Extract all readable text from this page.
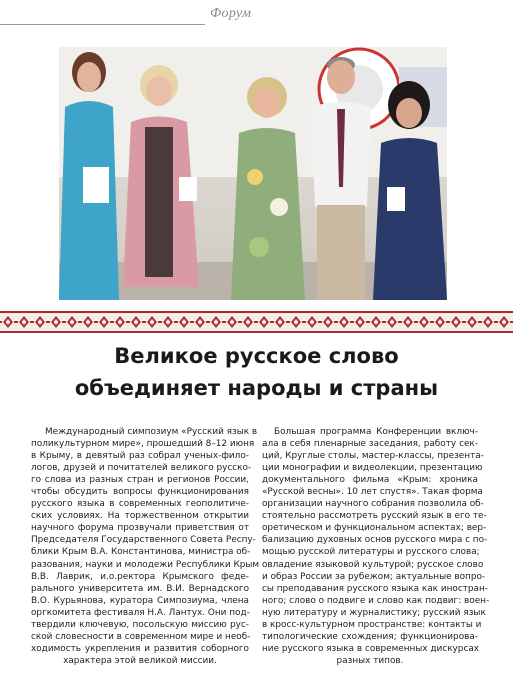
Форум
Великое русское слово
объединяет народы и страны
Международный симпозиум «Русский язык в
поликультурном мире», прошедший 8–12 июня
в Крыму, в девятый раз собрал ученых-фило-
логов, друзей и почитателей великого русско-
го слова из разных стран и регионов России,
чтобы обсудить вопросы функционирования
русского языка в современных геополитиче-
ских условиях. На торжественном открытии
научного форума прозвучали приветствия от
Председателя Государственного Совета Респу-
блики Крым В.А. Константинова, министра об-
разования, науки и молодежи Республики Крым
В.В. Лаврик, и.о.ректора Крымского феде-
рального университета им. В.И. Вернадского
В.О. Курьянова, куратора Симпозиума, члена
оргкомитета фестиваля Н.А. Лантух. Они под-
твердили ключевую, посольскую миссию рус-
ской словесности в современном мире и необ-
ходимость укрепления и развития соборного
характера этой великой миссии.
Большая программа Конференции включ-
ала в себя пленарные заседания, работу сек-
ций, Круглые столы, мастер-классы, презента-
ции монографии и видеолекции, презентацию
документального фильма «Крым: хроника
«Русской весны». 10 лет спустя». Такая форма
организации научного собрания позволила об-
стоятельно рассмотреть русский язык в его те-
оретическом и функциональном аспектах; вер-
бализацию духовных основ русского мира с по-
мощью русской литературы и русского слова;
овладение языковой культурой; русское слово
и образ России за рубежом; актуальные вопро-
сы преподавания русского языка как иностран-
ного; слово о подвиге и слово как подвиг: воен-
ную литературу и журналистику; русский язык
в кросс-культурном пространстве: контакты и
типологические схождения; функционирова-
ние русского языка в современных дискурсах
разных типов.
